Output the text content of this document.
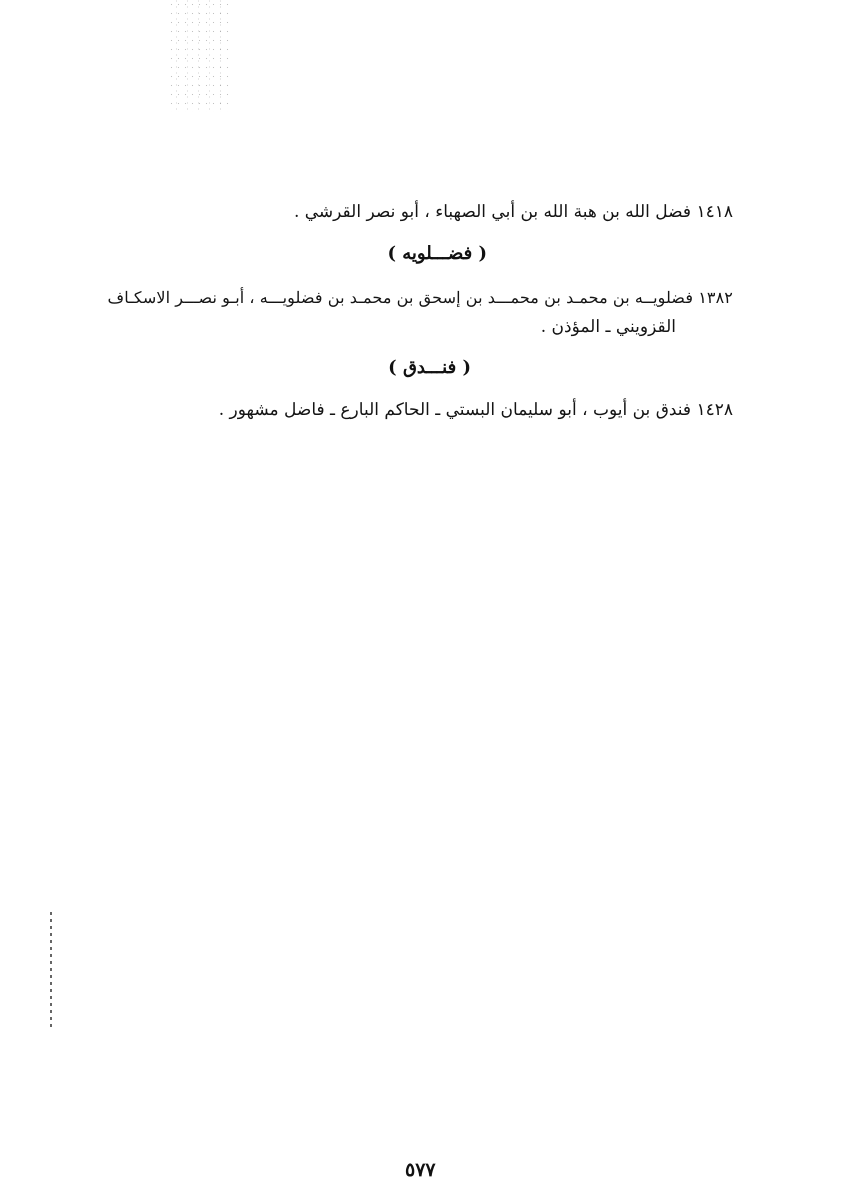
١٤١٨ فضل الله بن هبة الله بن أبي الصهباء ، أبو نصر القرشي .
( فضـــلويه )
١٣٨٢ فضلويــه بن محمـد بن محمـــد بن إسحق بن محمـد بن فضلويـــه ، أبـو نصـــر الاسكـاف
القزويني ـ المؤذن .
( فنـــدق )
١٤٢٨ فندق بن أيوب ، أبو سليمان البستي ـ الحاكم البارع ـ فاضل مشهور .
٥٧٧
